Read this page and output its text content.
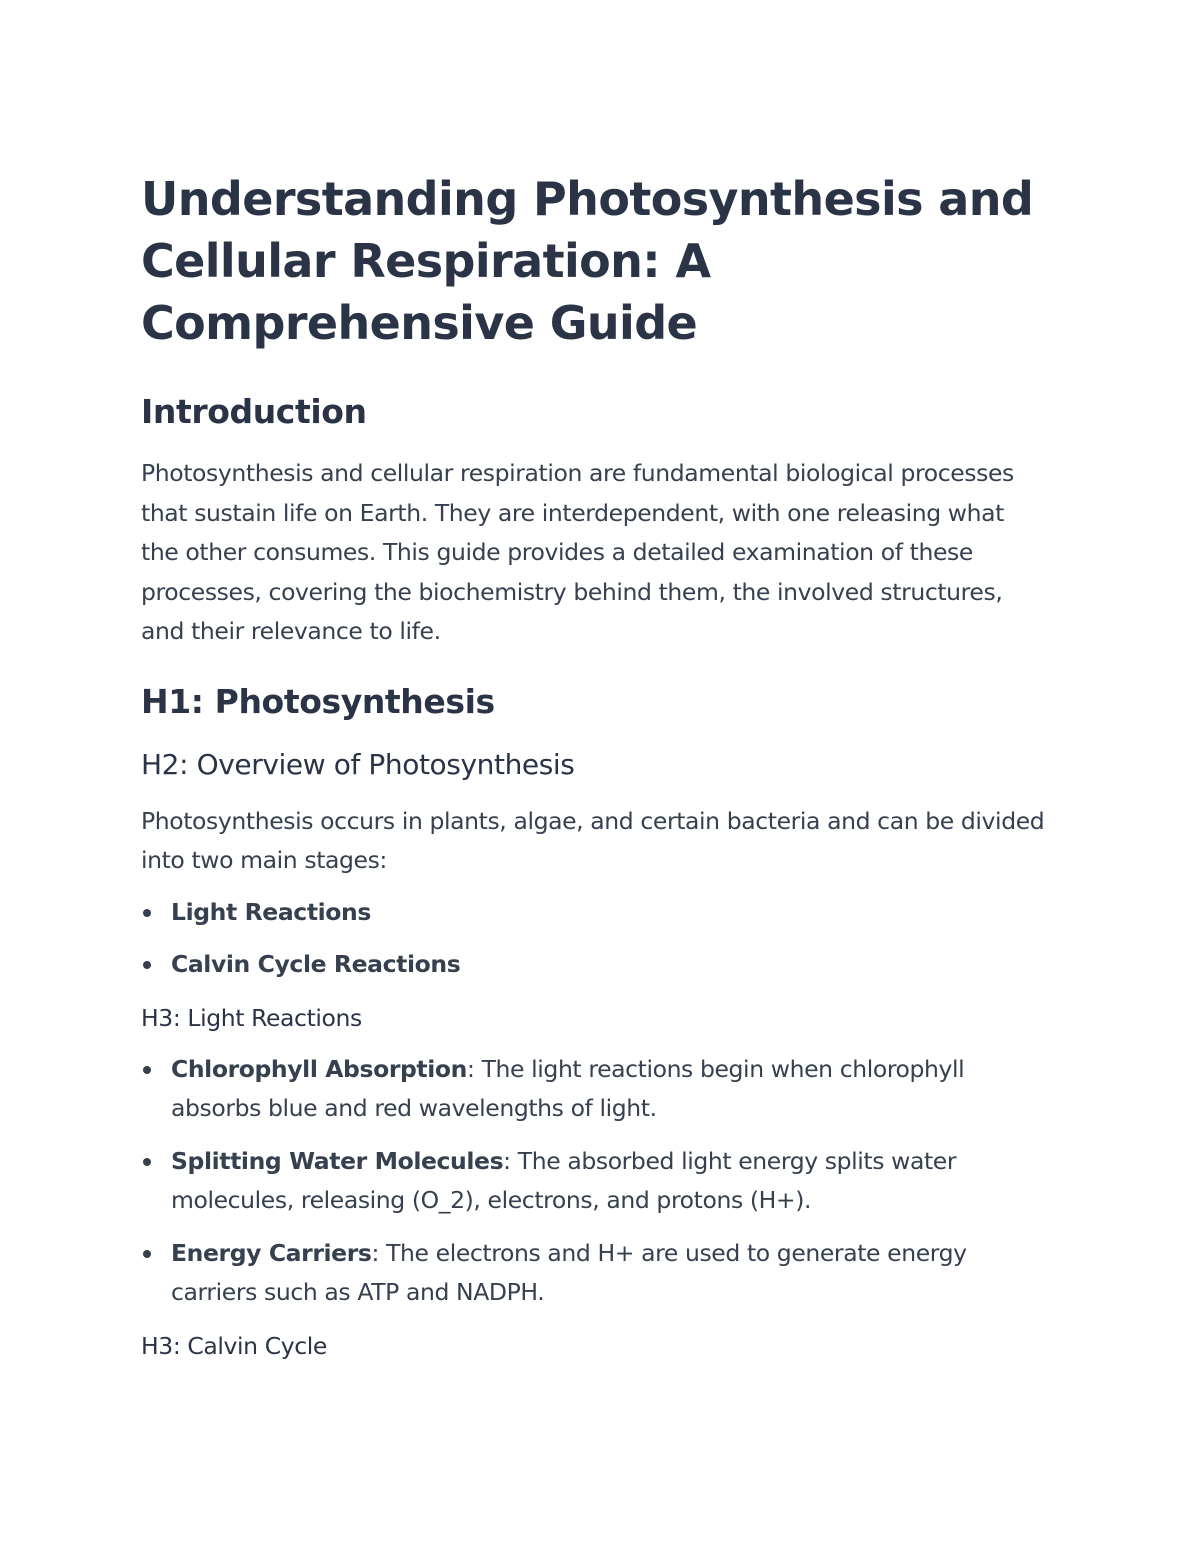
Understanding Photosynthesis and Cellular Respiration: A Comprehensive Guide
Introduction

Photosynthesis and cellular respiration are fundamental biological processes that sustain life on Earth. They are interdependent, with one releasing what the other consumes. This guide provides a detailed examination of these processes, covering the biochemistry behind them, the involved structures, and their relevance to life.

H1: Photosynthesis
H2: Overview of Photosynthesis

Photosynthesis occurs in plants, algae, and certain bacteria and can be divided into two main stages:

Light Reactions
Calvin Cycle Reactions
H3: Light Reactions
Chlorophyll Absorption: The light reactions begin when chlorophyll absorbs blue and red wavelengths of light.
Splitting Water Molecules: The absorbed light energy splits water molecules, releasing (O_2), electrons, and protons (H+).
Energy Carriers: The electrons and H+ are used to generate energy carriers such as ATP and NADPH.
H3: Calvin Cycle
